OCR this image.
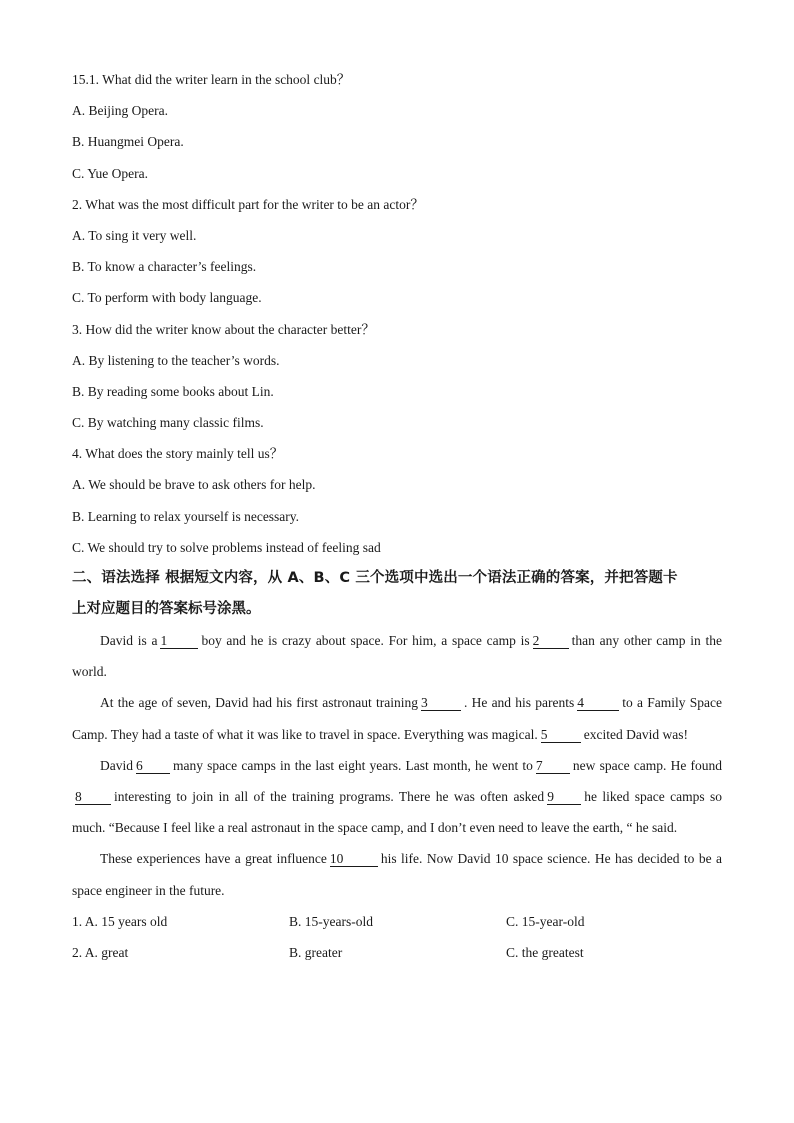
15.1. What did the writer learn in the school club？
A. Beijing Opera.
B. Huangmei Opera.
C. Yue Opera.
2. What was the most difficult part for the writer to be an actor？
A. To sing it very well.
B. To know a character’s feelings.
C. To perform with body language.
3. How did the writer know about the character better？
A. By listening to the teacher’s words.
B. By reading some books about Lin.
C. By watching many classic films.
4. What does the story mainly tell us？
A. We should be brave to ask others for help.
B. Learning to relax yourself is necessary.
C. We should try to solve problems instead of feeling sad
二、语法选择 根据短文内容，从 A、B、C 三个选项中选出一个语法正确的答案，并把答题卡
上对应题目的答案标号涂黑。
David is a 1	boy and he is crazy about space. For him, a space camp is 2 than any other camp in the world.
At the age of seven, David had his first astronaut training 3	. He and his parents 4	to a Family Space Camp. They had a taste of what it was like to travel in space. Everything was magical. 5	excited David was!
David 6 many space camps in the last eight years. Last month, he went to 7 new space camp. He found8 interesting to join in all of the training programs. There he was often asked 9 he liked space camps so much. “Because I feel like a real astronaut in the space camp, and I don’t even need to leave the earth, “ he said.
These experiences have a great influence 10	his life. Now David 10 space science. He has decided to be a space engineer in the future.
1. A. 15 years old	B. 15-years-old	C. 15-year-old
2. A. great	B. greater	C. the greatest
